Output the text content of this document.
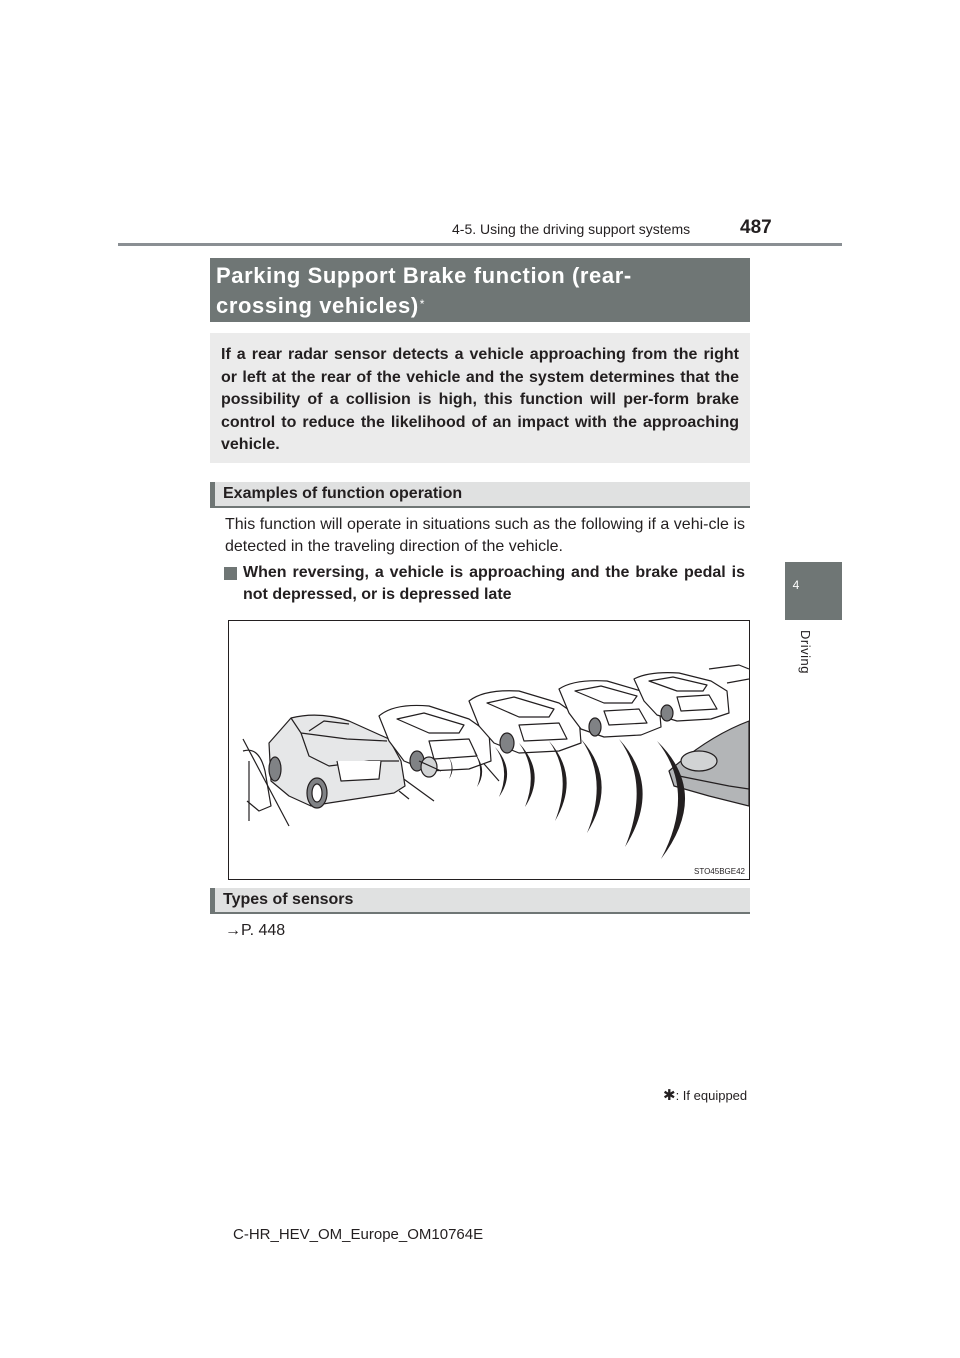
4-5. Using the driving support systems	487
4
Driving
Parking Support Brake function (rear-
crossing vehicles)*
If a rear radar sensor detects a vehicle approaching from the right or left at the rear of the vehicle and the system determines that the possibility of a collision is high, this function will per-form brake control to reduce the likelihood of an impact with the approaching vehicle.
Examples of function operation
This function will operate in situations such as the following if a vehi-cle is detected in the traveling direction of the vehicle.
When reversing, a vehicle is approaching and the brake pedal is not depressed, or is depressed late
STO45BGE42
Types of sensors
→P. 448
✱: If equipped
C-HR_HEV_OM_Europe_OM10764E
